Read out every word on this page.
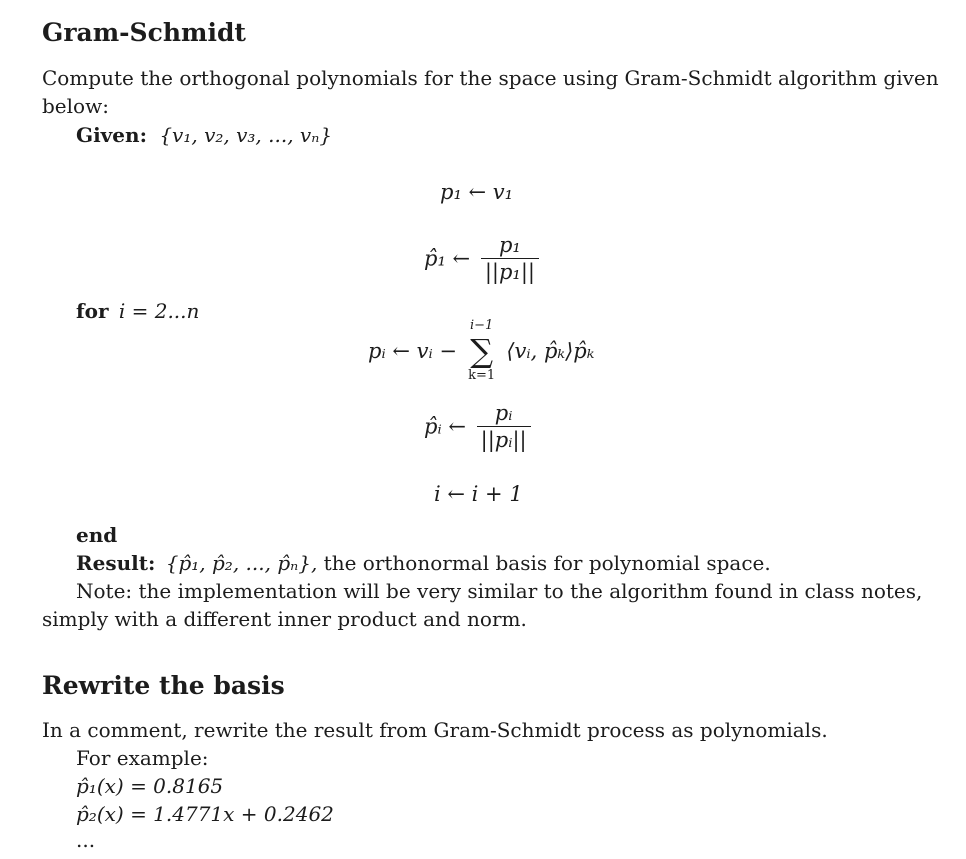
Gram-Schmidt
Compute the orthogonal polynomials for the space using Gram-Schmidt algorithm given
below:
Given: {v₁, v₂, v₃, ..., vₙ}
p₁ ← v₁
p̂₁ ← $\frac{\text{p₁}}{\text{||p₁||}}$
for i = 2...n
pᵢ ← vᵢ −
i−1
∑
k=1
⟨vᵢ, p̂ₖ⟩p̂ₖ
p̂ᵢ ← $\frac{\text{pᵢ}}{\text{||pᵢ||}}$
i ← i + 1
end
Result: {p̂₁, p̂₂, ..., p̂ₙ}, the orthonormal basis for polynomial space.
Note: the implementation will be very similar to the algorithm found in class notes,
simply with a different inner product and norm.
Rewrite the basis
In a comment, rewrite the result from Gram-Schmidt process as polynomials.
For example:
p̂₁(x) = 0.8165
p̂₂(x) = 1.4771x + 0.2462
...
